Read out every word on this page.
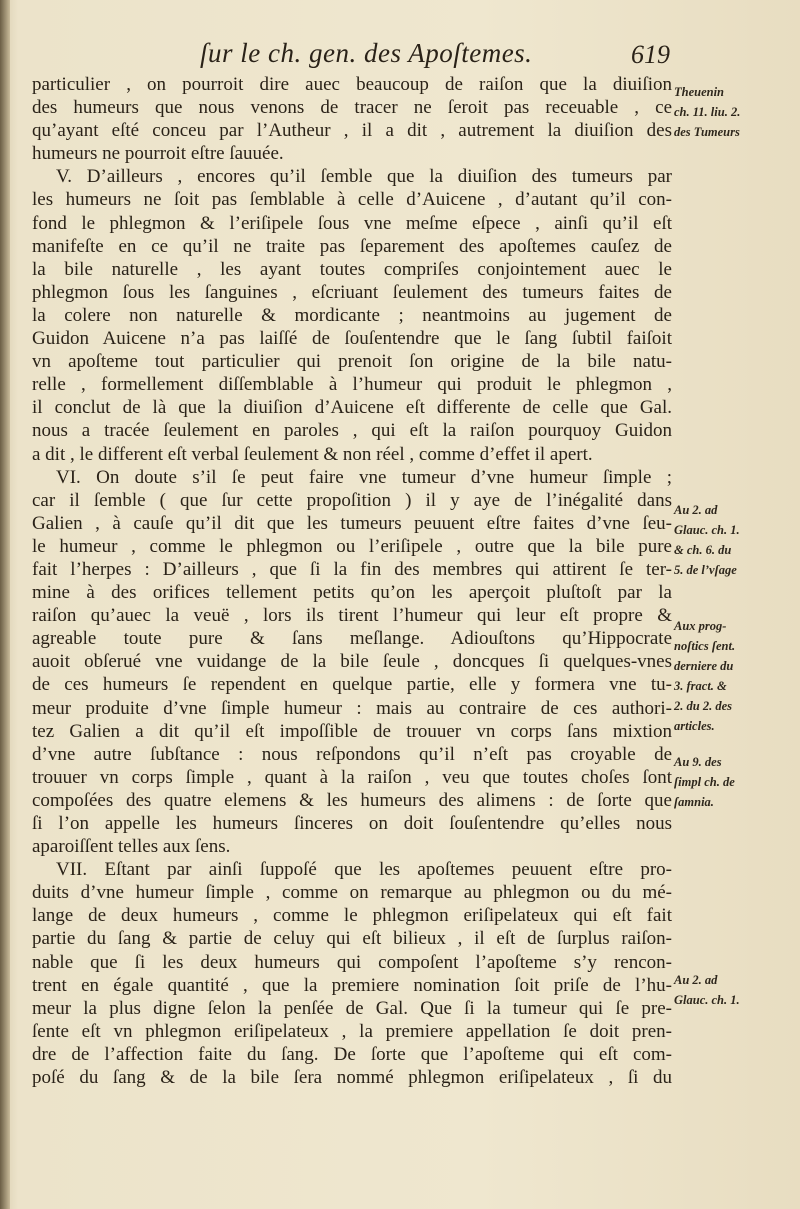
ſur le ch. gen. des Apoſtemes.	619
particulier , on pourroit dire auec beaucoup de raiſon que la diuiſion
des humeurs que nous venons de tracer ne ſeroit pas receuable , ce
qu’ayant eſté conceu par l’Autheur , il a dit , autrement la diuiſion des
humeurs ne pourroit eſtre ſauuée.
V. D’ailleurs , encores qu’il ſemble que la diuiſion des tumeurs par
les humeurs ne ſoit pas ſemblable à celle d’Auicene , d’autant qu’il con-
fond le phlegmon & l’eriſipele ſous vne meſme eſpece , ainſi qu’il eſt
manifeſte en ce qu’il ne traite pas ſeparement des apoſtemes cauſez de
la bile naturelle , les ayant toutes compriſes conjointement auec le
phlegmon ſous les ſanguines , eſcriuant ſeulement des tumeurs faites de
la colere non naturelle & mordicante ; neantmoins au jugement de
Guidon Auicene n’a pas laiſſé de ſouſentendre que le ſang ſubtil faiſoit
vn apoſteme tout particulier qui prenoit ſon origine de la bile natu-
relle , formellement diſſemblable à l’humeur qui produit le phlegmon ,
il conclut de là que la diuiſion d’Auicene eſt differente de celle que Gal.
nous a tracée ſeulement en paroles , qui eſt la raiſon pourquoy Guidon
a dit , le different eſt verbal ſeulement & non réel , comme d’effet il apert.
VI. On doute s’il ſe peut faire vne tumeur d’vne humeur ſimple ;
car il ſemble ( que ſur cette propoſition ) il y aye de l’inégalité dans
Galien , à cauſe qu’il dit que les tumeurs peuuent eſtre faites d’vne ſeu-
le humeur , comme le phlegmon ou l’eriſipele , outre que la bile pure
fait l’herpes : D’ailleurs , que ſi la fin des membres qui attirent ſe ter-
mine à des orifices tellement petits qu’on les aperçoit pluſtoſt par la
raiſon qu’auec la veuë , lors ils tirent l’humeur qui leur eſt propre &
agreable toute pure & ſans meſlange. Adiouſtons qu’Hippocrate
auoit obſerué vne vuidange de la bile ſeule , doncques ſi quelques-vnes
de ces humeurs ſe rependent en quelque partie, elle y formera vne tu-
meur produite d’vne ſimple humeur : mais au contraire de ces authori-
tez Galien a dit qu’il eſt impoſſible de trouuer vn corps ſans mixtion
d’vne autre ſubſtance : nous reſpondons qu’il n’eſt pas croyable de
trouuer vn corps ſimple , quant à la raiſon , veu que toutes choſes ſont
compoſées des quatre elemens & les humeurs des alimens : de ſorte que
ſi l’on appelle les humeurs ſinceres on doit ſouſentendre qu’elles nous
aparoiſſent telles aux ſens.
VII. Eſtant par ainſi ſuppoſé que les apoſtemes peuuent eſtre pro-
duits d’vne humeur ſimple , comme on remarque au phlegmon ou du mé-
lange de deux humeurs , comme le phlegmon eriſipelateux qui eſt fait
partie du ſang & partie de celuy qui eſt bilieux , il eſt de ſurplus raiſon-
nable que ſi les deux humeurs qui compoſent l’apoſteme s’y rencon-
trent en égale quantité , que la premiere nomination ſoit priſe de l’hu-
meur la plus digne ſelon la penſée de Gal. Que ſi la tumeur qui ſe pre-
ſente eſt vn phlegmon eriſipelateux , la premiere appellation ſe doit pren-
dre de l’affection faite du ſang. De ſorte que l’apoſteme qui eſt com-
poſé du ſang & de la bile ſera nommé phlegmon eriſipelateux , ſi du
Theuenin
ch. 11. liu. 2.
des Tumeurs
Au 2. ad
Glauc. ch. 1.
& ch. 6. du
5. de l’vſage
Aux prog-
noſtics ſent.
derniere du
3. fract. &
2. du 2. des
articles.
Au 9. des
ſimpl ch. de
ſamnia.
Au 2. ad
Glauc. ch. 1.
